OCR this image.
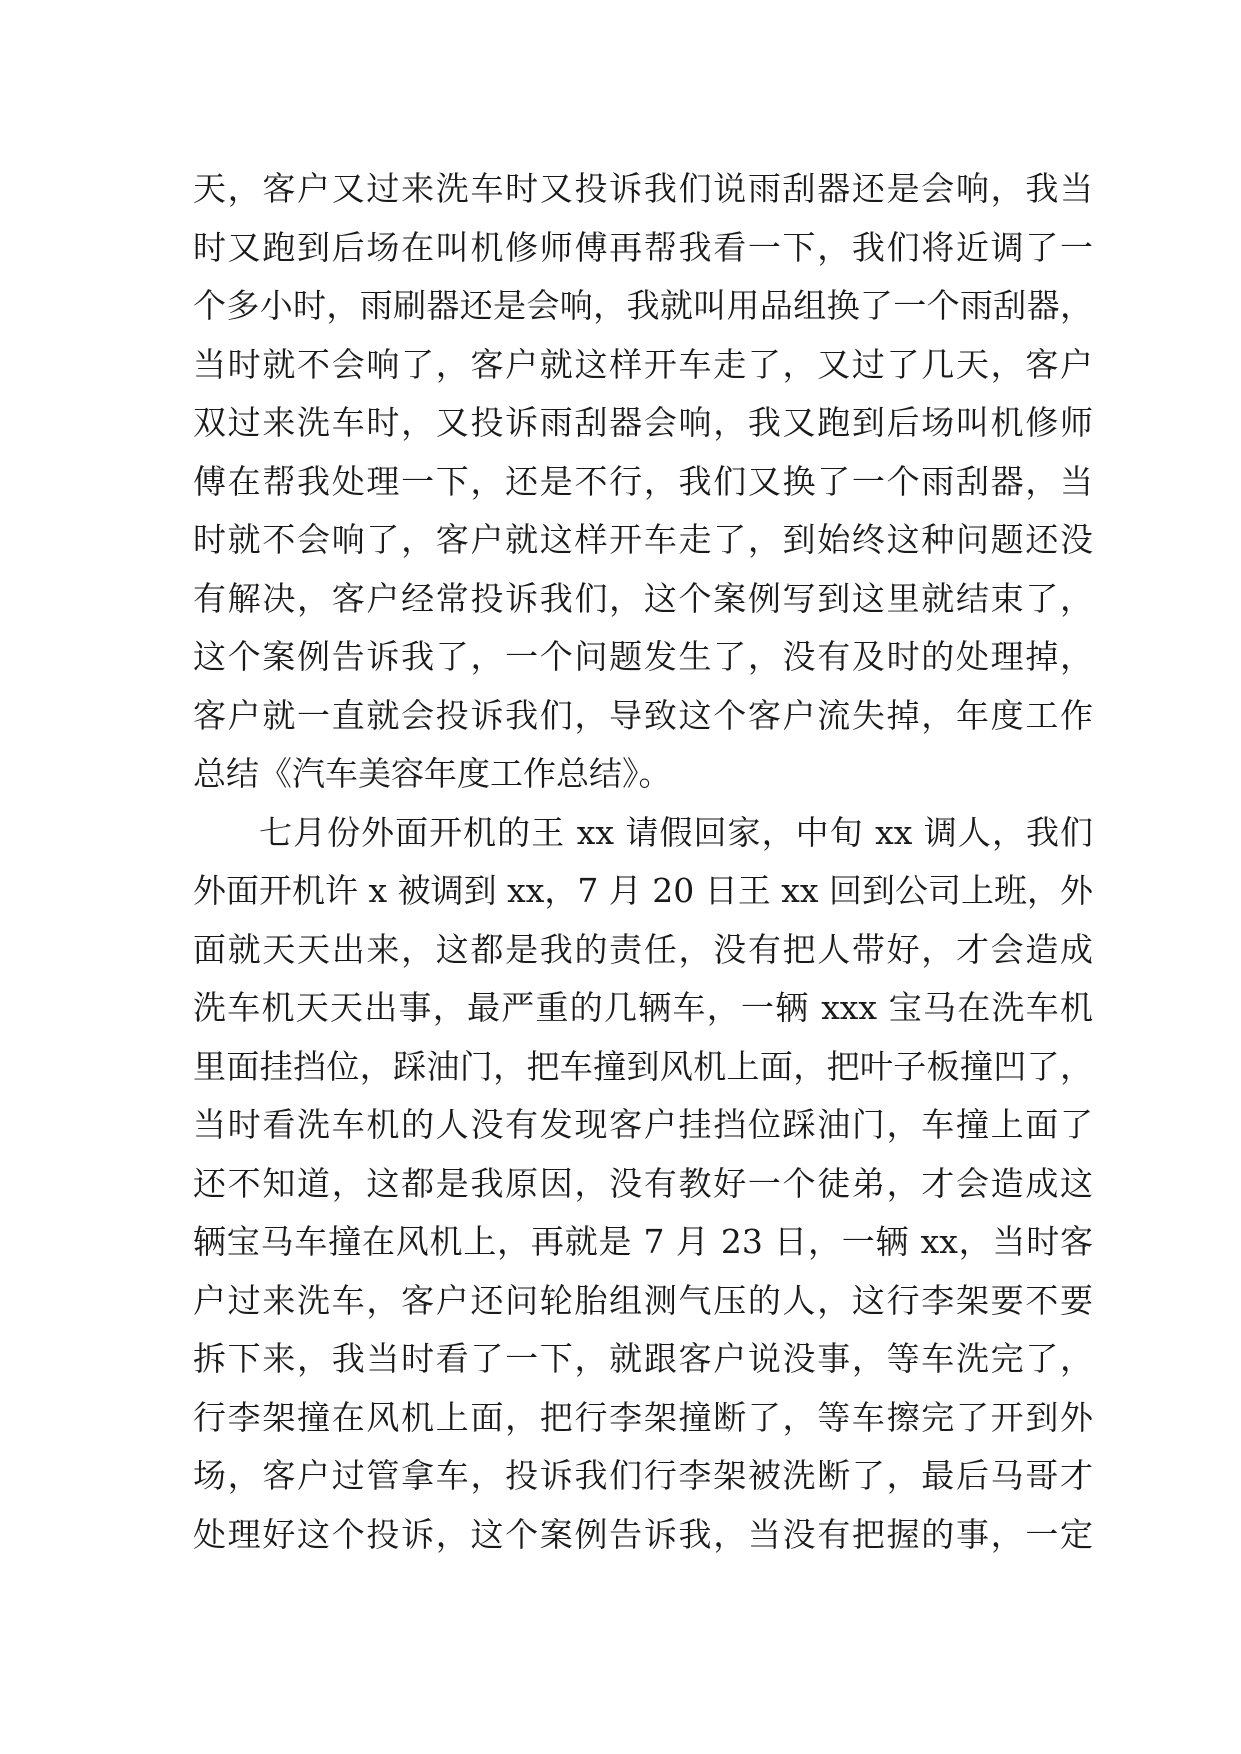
天，客户又过来洗车时又投诉我们说雨刮器还是会响，我当
时又跑到后场在叫机修师傅再帮我看一下，我们将近调了一
个多小时，雨刷器还是会响，我就叫用品组换了一个雨刮器，
当时就不会响了，客户就这样开车走了，又过了几天，客户
双过来洗车时，又投诉雨刮器会响，我又跑到后场叫机修师
傅在帮我处理一下，还是不行，我们又换了一个雨刮器，当
时就不会响了，客户就这样开车走了，到始终这种问题还没
有解决，客户经常投诉我们，这个案例写到这里就结束了，
这个案例告诉我了，一个问题发生了，没有及时的处理掉，
客户就一直就会投诉我们，导致这个客户流失掉，年度工作
总结《汽车美容年度工作总结》。
七月份外面开机的王 xx 请假回家，中旬 xx 调人，我们
外面开机许 x 被调到 xx，7 月 20 日王 xx 回到公司上班，外
面就天天出来，这都是我的责任，没有把人带好，才会造成
洗车机天天出事，最严重的几辆车，一辆 xxx 宝马在洗车机
里面挂挡位，踩油门，把车撞到风机上面，把叶子板撞凹了，
当时看洗车机的人没有发现客户挂挡位踩油门，车撞上面了
还不知道，这都是我原因，没有教好一个徒弟，才会造成这
辆宝马车撞在风机上，再就是 7 月 23 日，一辆 xx，当时客
户过来洗车，客户还问轮胎组测气压的人，这行李架要不要
拆下来，我当时看了一下，就跟客户说没事，等车洗完了，
行李架撞在风机上面，把行李架撞断了，等车擦完了开到外
场，客户过管拿车，投诉我们行李架被洗断了，最后马哥才
处理好这个投诉，这个案例告诉我，当没有把握的事，一定
